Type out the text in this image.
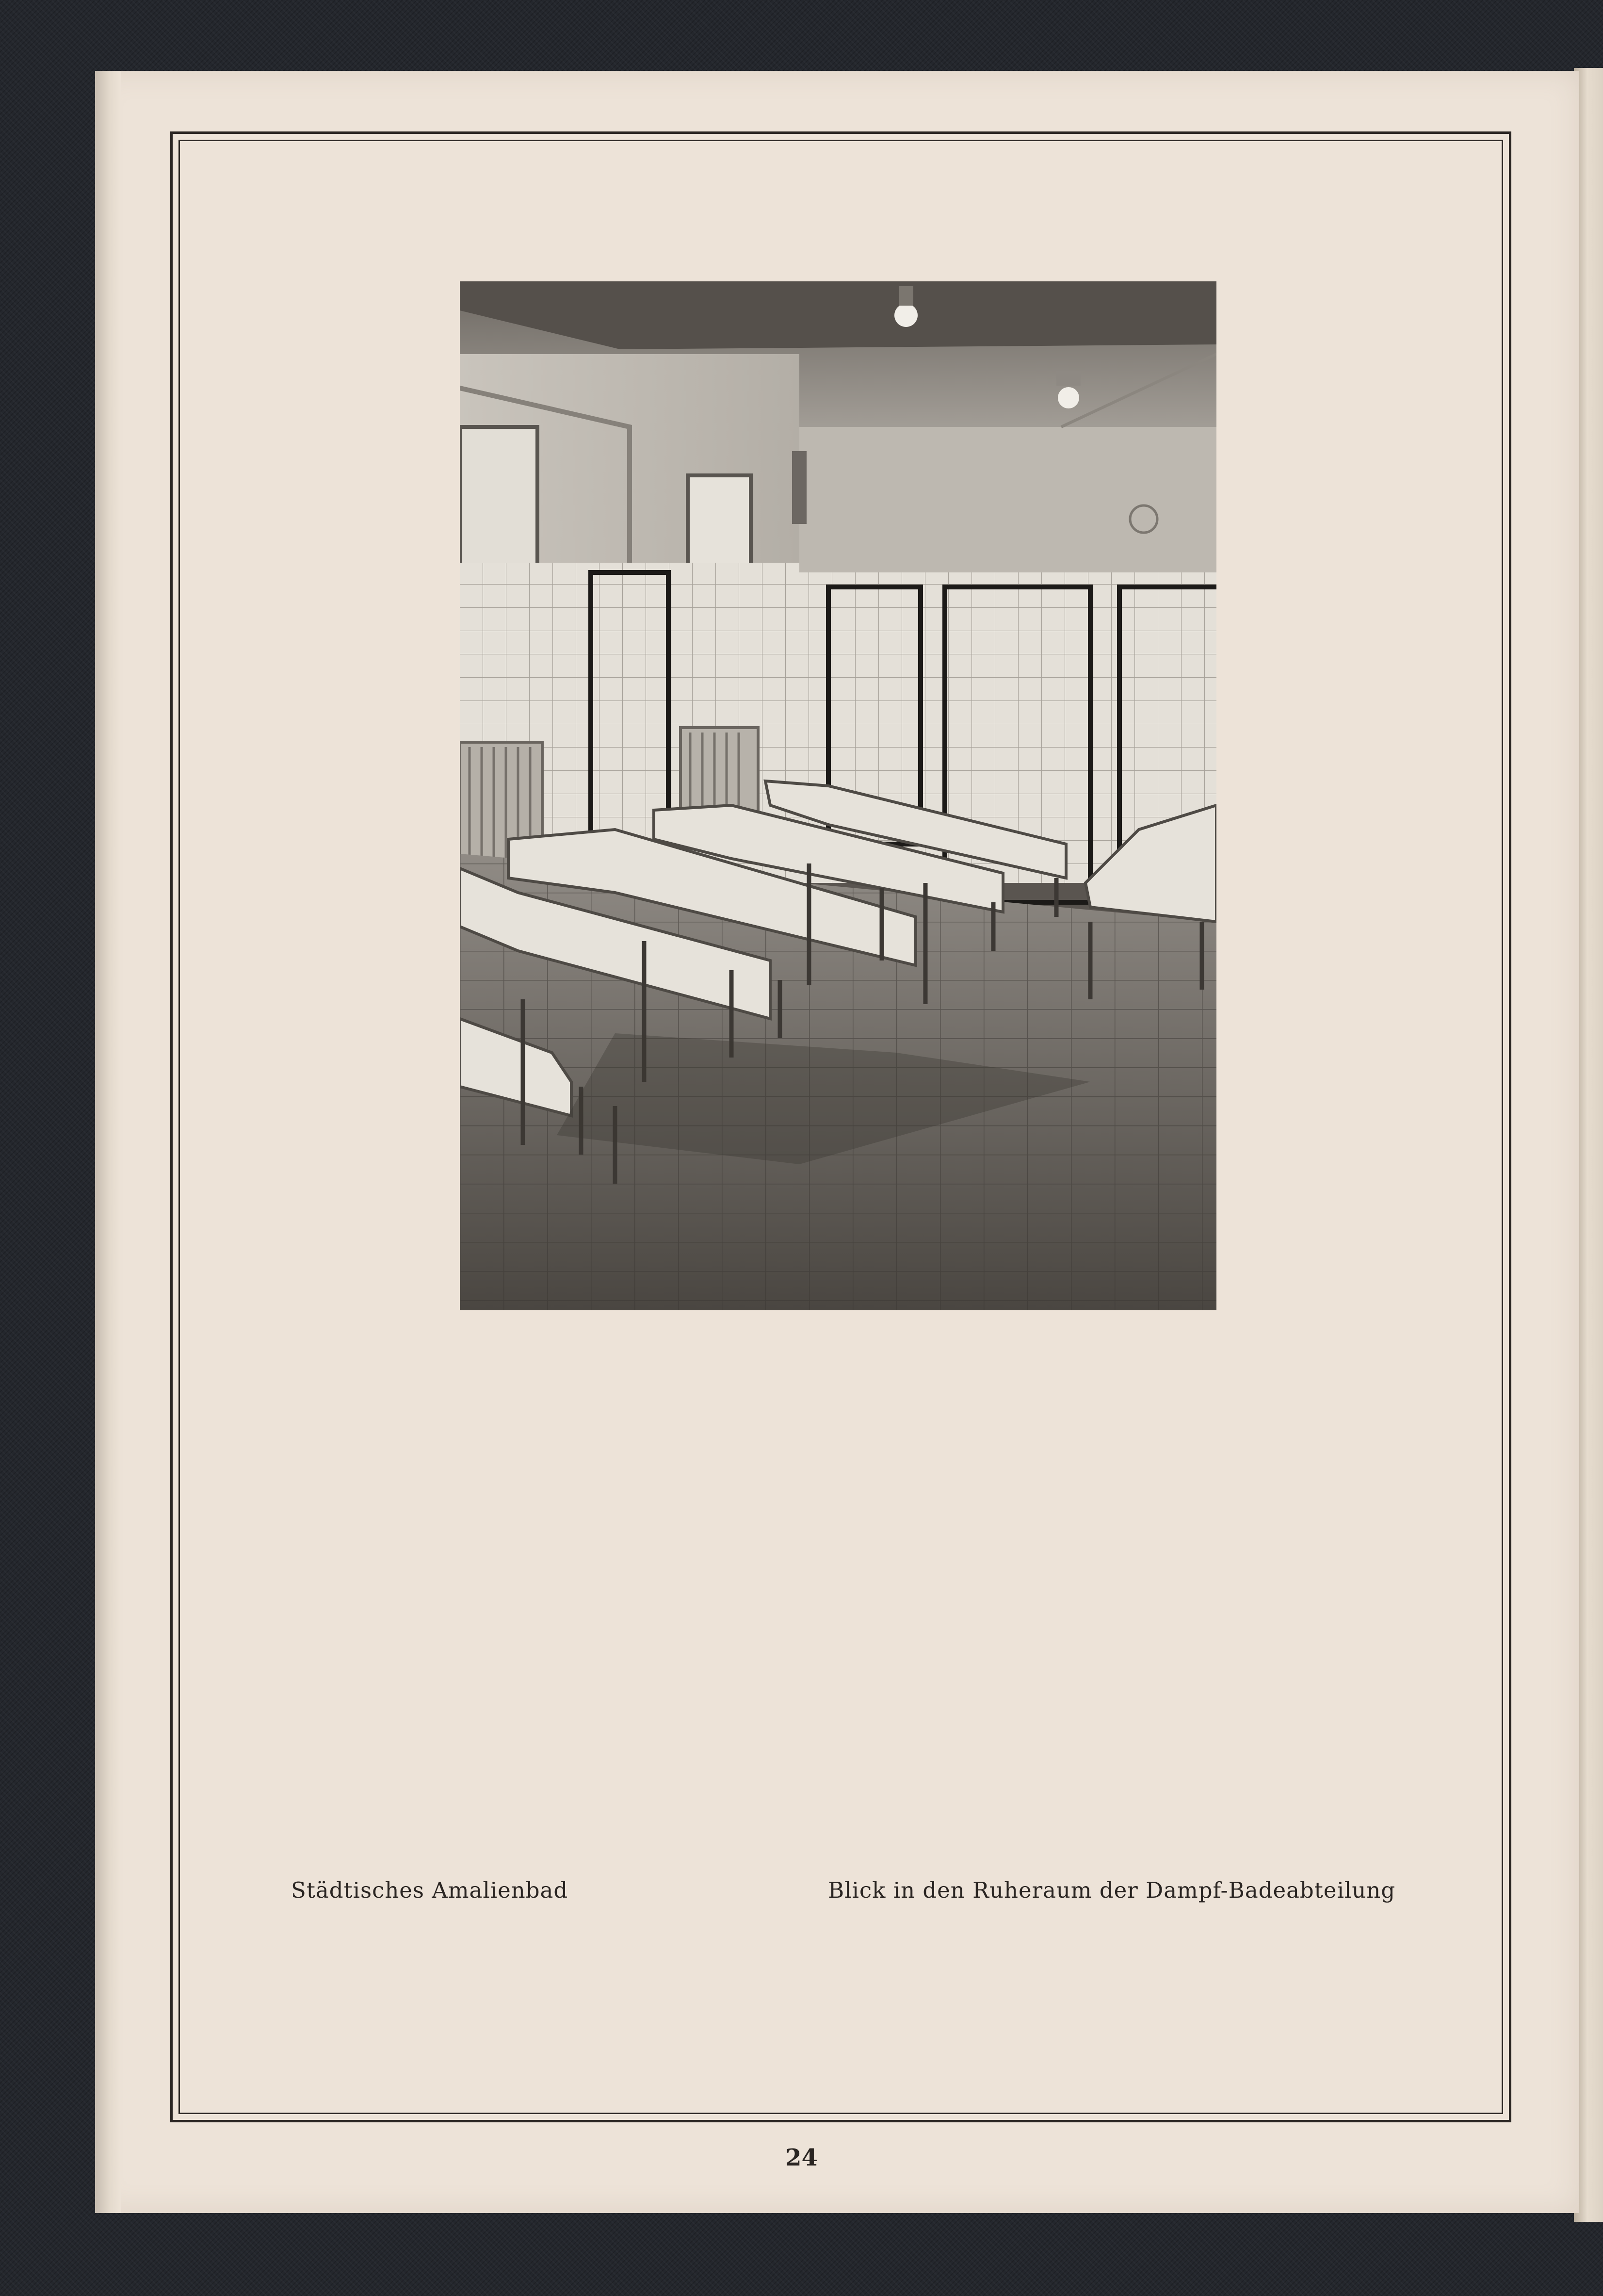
Städtisches Amalienbad	Blick in den Ruheraum der Dampf-Badeabteilung
24
